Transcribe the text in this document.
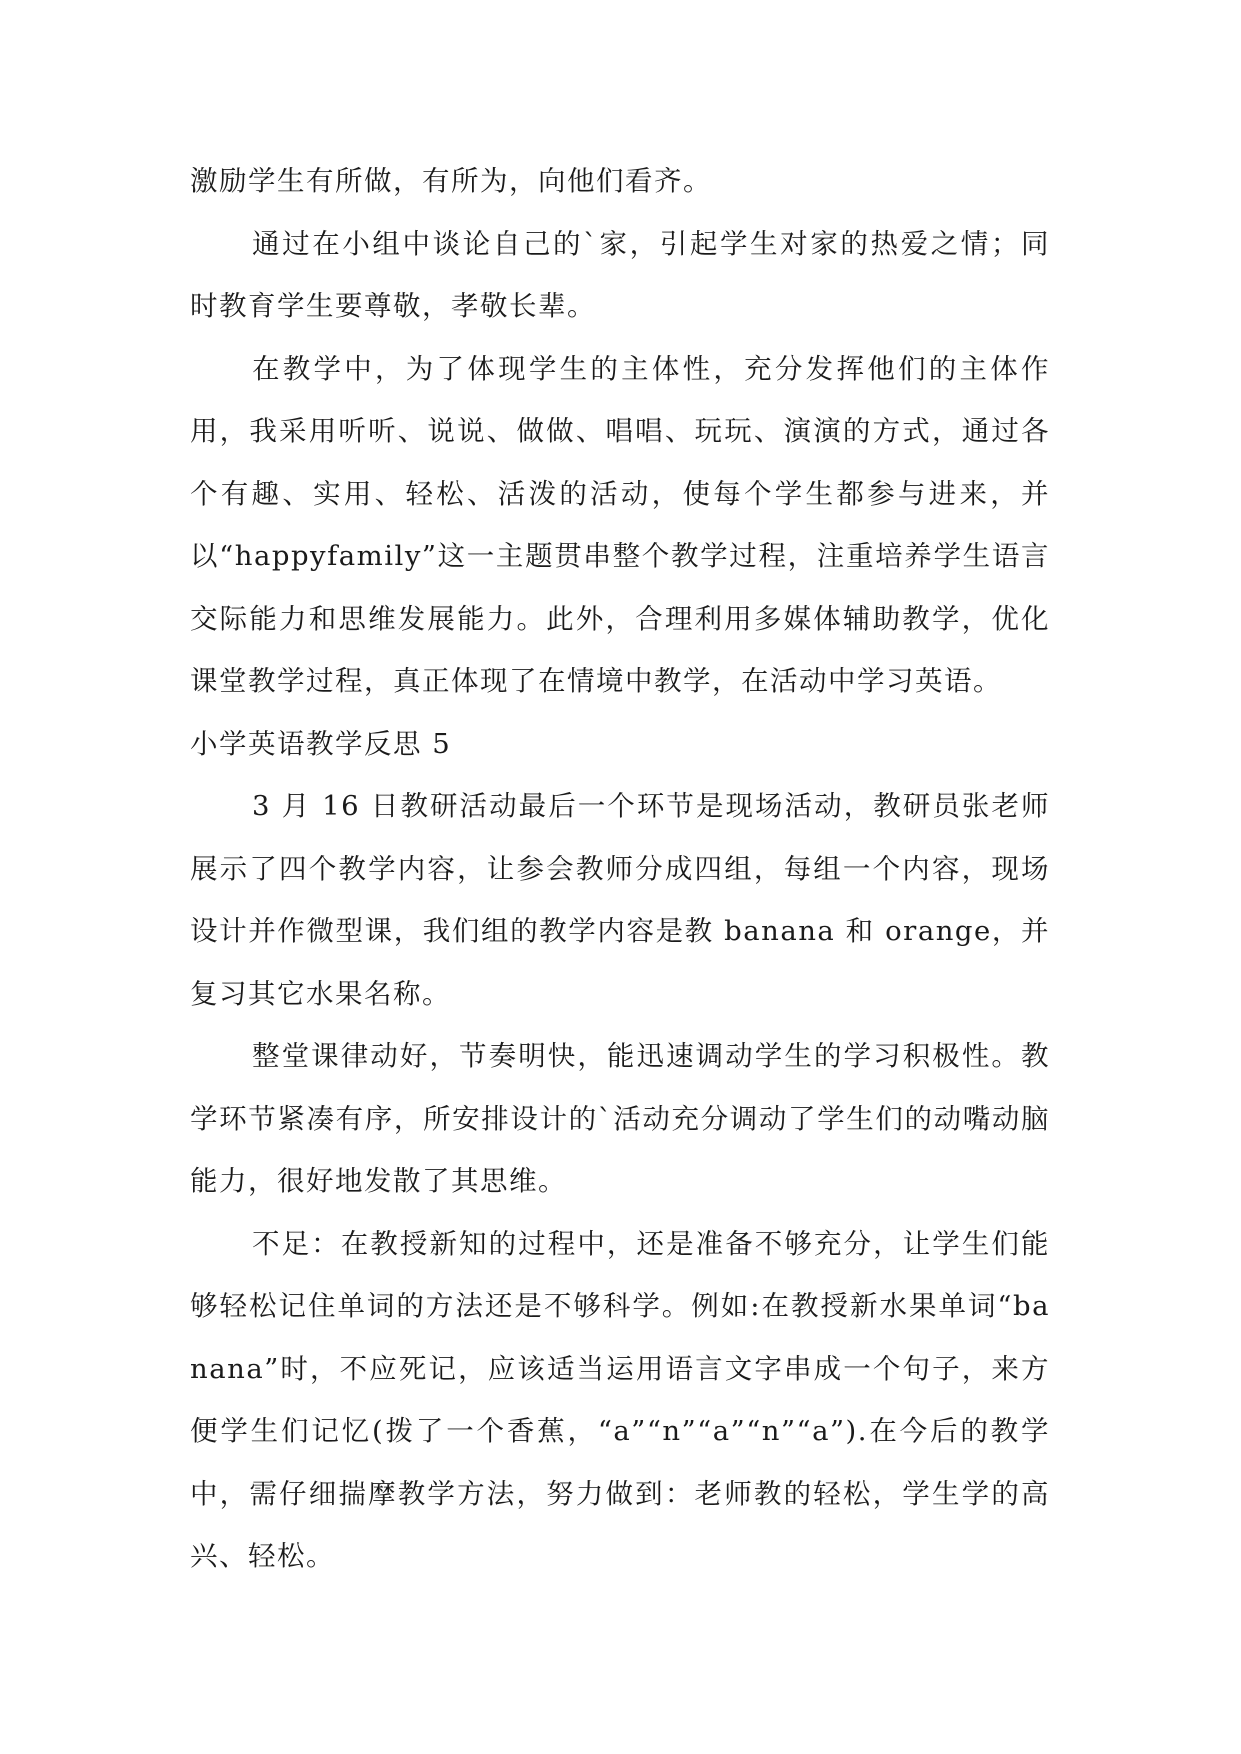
激励学生有所做，有所为，向他们看齐。

通过在小组中谈论自己的`家，引起学生对家的热爱之情；同时教育学生要尊敬，孝敬长辈。

在教学中，为了体现学生的主体性，充分发挥他们的主体作用，我采用听听、说说、做做、唱唱、玩玩、演演的方式，通过各个有趣、实用、轻松、活泼的活动，使每个学生都参与进来，并以“happyfamily”这一主题贯串整个教学过程，注重培养学生语言交际能力和思维发展能力。此外，合理利用多媒体辅助教学，优化课堂教学过程，真正体现了在情境中教学，在活动中学习英语。

小学英语教学反思 5

3 月 16 日教研活动最后一个环节是现场活动，教研员张老师展示了四个教学内容，让参会教师分成四组，每组一个内容，现场设计并作微型课，我们组的教学内容是教 banana 和 orange，并复习其它水果名称。

整堂课律动好，节奏明快，能迅速调动学生的学习积极性。教学环节紧凑有序，所安排设计的`活动充分调动了学生们的动嘴动脑能力，很好地发散了其思维。

不足：在教授新知的过程中，还是准备不够充分，让学生们能够轻松记住单词的方法还是不够科学。例如:在教授新水果单词“banana”时，不应死记，应该适当运用语言文字串成一个句子，来方便学生们记忆(拨了一个香蕉，“a”“n”“a”“n”“a”).在今后的教学中，需仔细揣摩教学方法，努力做到：老师教的轻松，学生学的高兴、轻松。
